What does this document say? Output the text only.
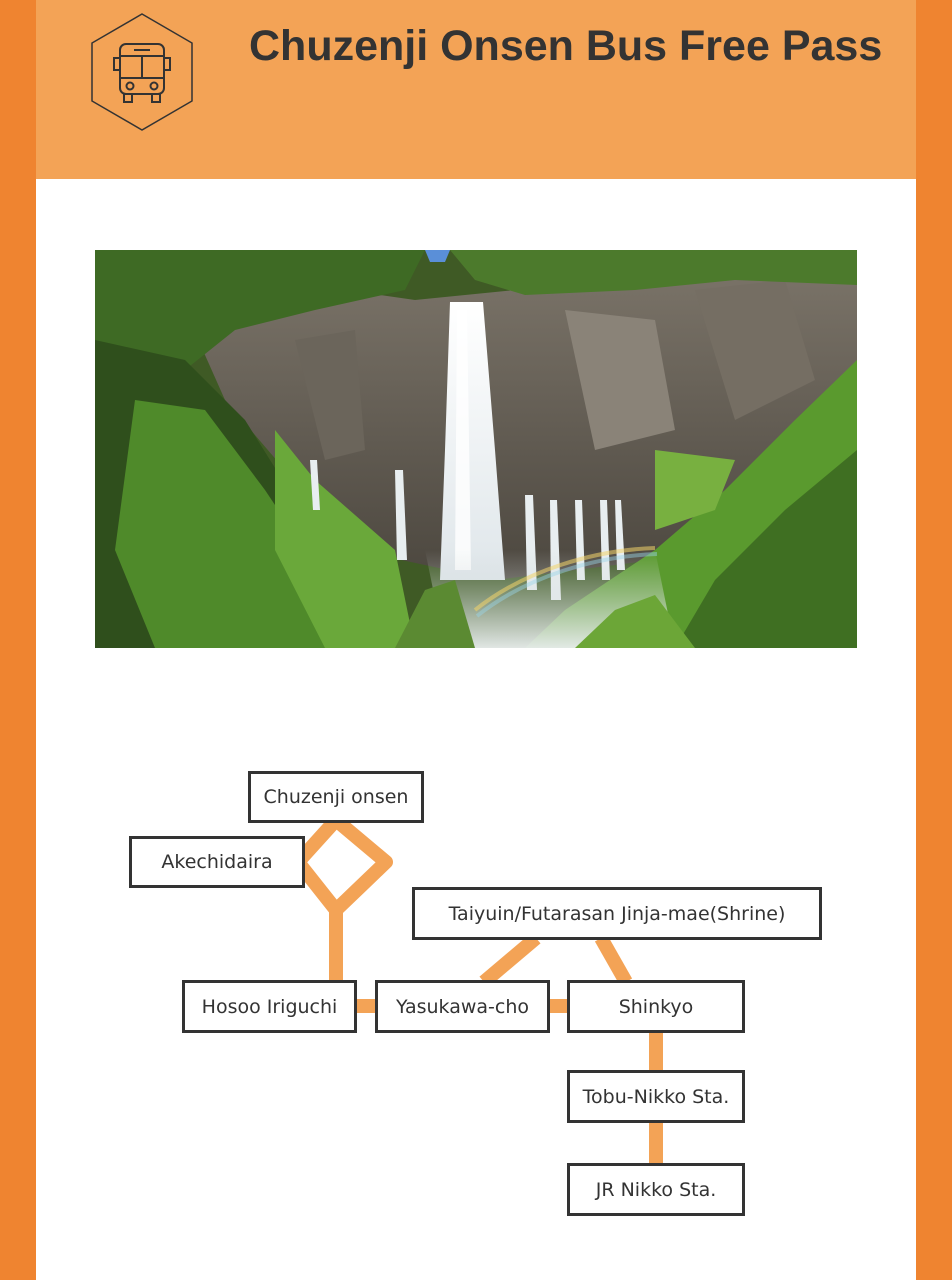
Chuzenji Onsen Bus Free Pass
Chuzenji onsen
Akechidaira
Taiyuin/Futarasan Jinja-mae(Shrine)
Hosoo Iriguchi	Yasukawa-cho	Shinkyo
Tobu-Nikko Sta.
JR Nikko Sta.
